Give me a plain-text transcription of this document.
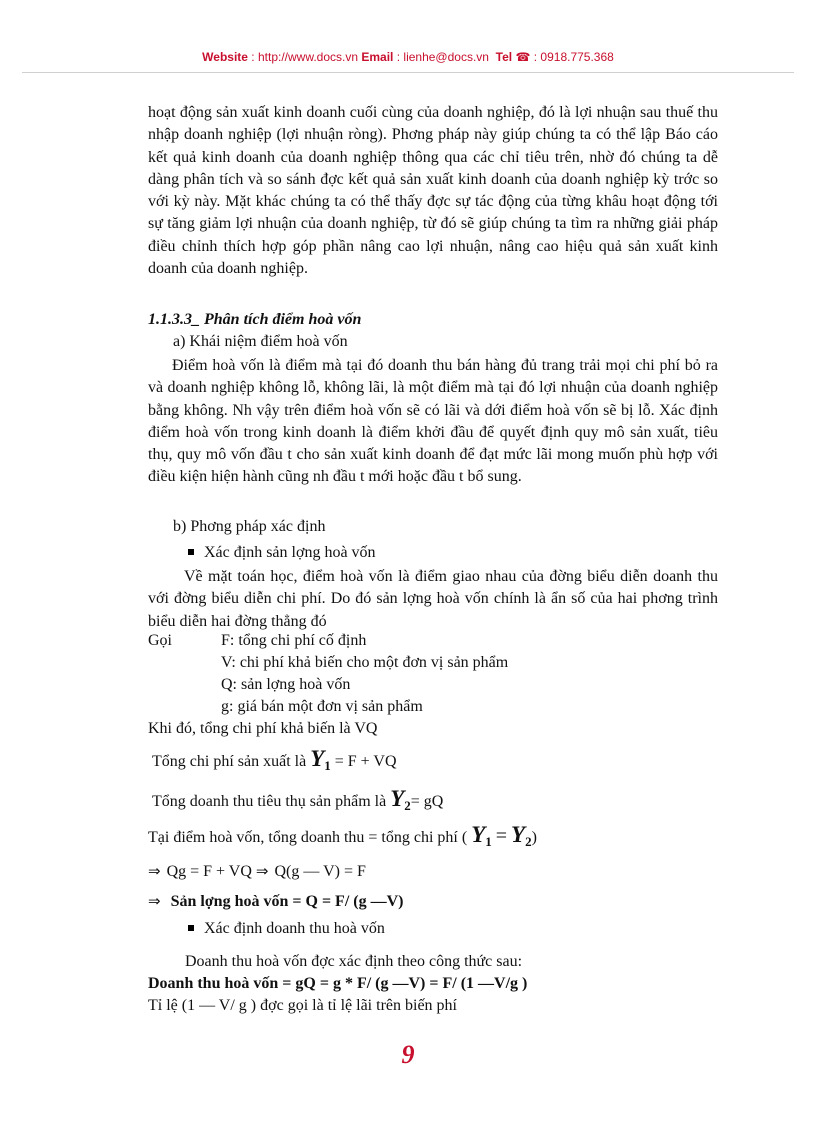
Website : http://www.docs.vn Email : lienhe@docs.vn Tel ☎ : 0918.775.368
hoạt động sản xuất kinh doanh cuối cùng của doanh nghiệp, đó là lợi nhuận sau thuế thu nhập doanh nghiệp (lợi nhuận ròng). Phơng pháp này giúp chúng ta có thể lập Báo cáo kết quả kinh doanh của doanh nghiệp thông qua các chỉ tiêu trên, nhờ đó chúng ta dễ dàng phân tích và so sánh đợc kết quả sản xuất kinh doanh của doanh nghiệp kỳ trớc so với kỳ này. Mặt khác chúng ta có thể thấy đợc sự tác động của từng khâu hoạt động tới sự tăng giảm lợi nhuận của doanh nghiệp, từ đó sẽ giúp chúng ta tìm ra những giải pháp điều chỉnh thích hợp góp phần nâng cao lợi nhuận, nâng cao hiệu quả sản xuất kinh doanh của doanh nghiệp.
1.1.3.3_ Phân tích điểm hoà vốn
a) Khái niệm điểm hoà vốn
Điểm hoà vốn là điểm mà tại đó doanh thu bán hàng đủ trang trải mọi chi phí bỏ ra và doanh nghiệp không lỗ, không lãi, là một điểm mà tại đó lợi nhuận của doanh nghiệp bằng không. Nh vậy trên điểm hoà vốn sẽ có lãi và dới điểm hoà vốn sẽ bị lỗ. Xác định điểm hoà vốn trong kinh doanh là điểm khởi đầu để quyết định quy mô sản xuất, tiêu thụ, quy mô vốn đầu t cho sản xuất kinh doanh để đạt mức lãi mong muốn phù hợp với điều kiện hiện hành cũng nh đầu t mới hoặc đầu t bổ sung.
b) Phơng pháp xác định
Xác định sản lợng hoà vốn
Về mặt toán học, điểm hoà vốn là điểm giao nhau của đờng biểu diễn doanh thu với đờng biểu diễn chi phí. Do đó sản lợng hoà vốn chính là ẩn số của hai phơng trình biểu diễn hai đờng thẳng đó
Gọi	F: tổng chi phí cố định
V: chi phí khả biến cho một đơn vị sản phẩm
Q: sản lợng hoà vốn
g: giá bán một đơn vị sản phẩm
Khi đó, tổng chi phí khả biến là VQ
Tổng chi phí sản xuất là $Y_1 = F$ + VQ
Tổng doanh thu tiêu thụ sản phẩm là $Y_2=$ gQ
Tại điểm hoà vốn, tổng doanh thu = tổng chi phí ( $Y_1 = Y_2$)
⇒ Qg = F + VQ ⇒ Q(g — V) = F
⇒ Sản lợng hoà vốn = Q = F/ (g —V)
Xác định doanh thu hoà vốn
Doanh thu hoà vốn đợc xác định theo công thức sau:
Doanh thu hoà vốn = gQ = g * F/ (g —V) = F/ (1 —V/g )
Tỉ lệ (1 — V/ g ) đợc gọi là tỉ lệ lãi trên biến phí
9
